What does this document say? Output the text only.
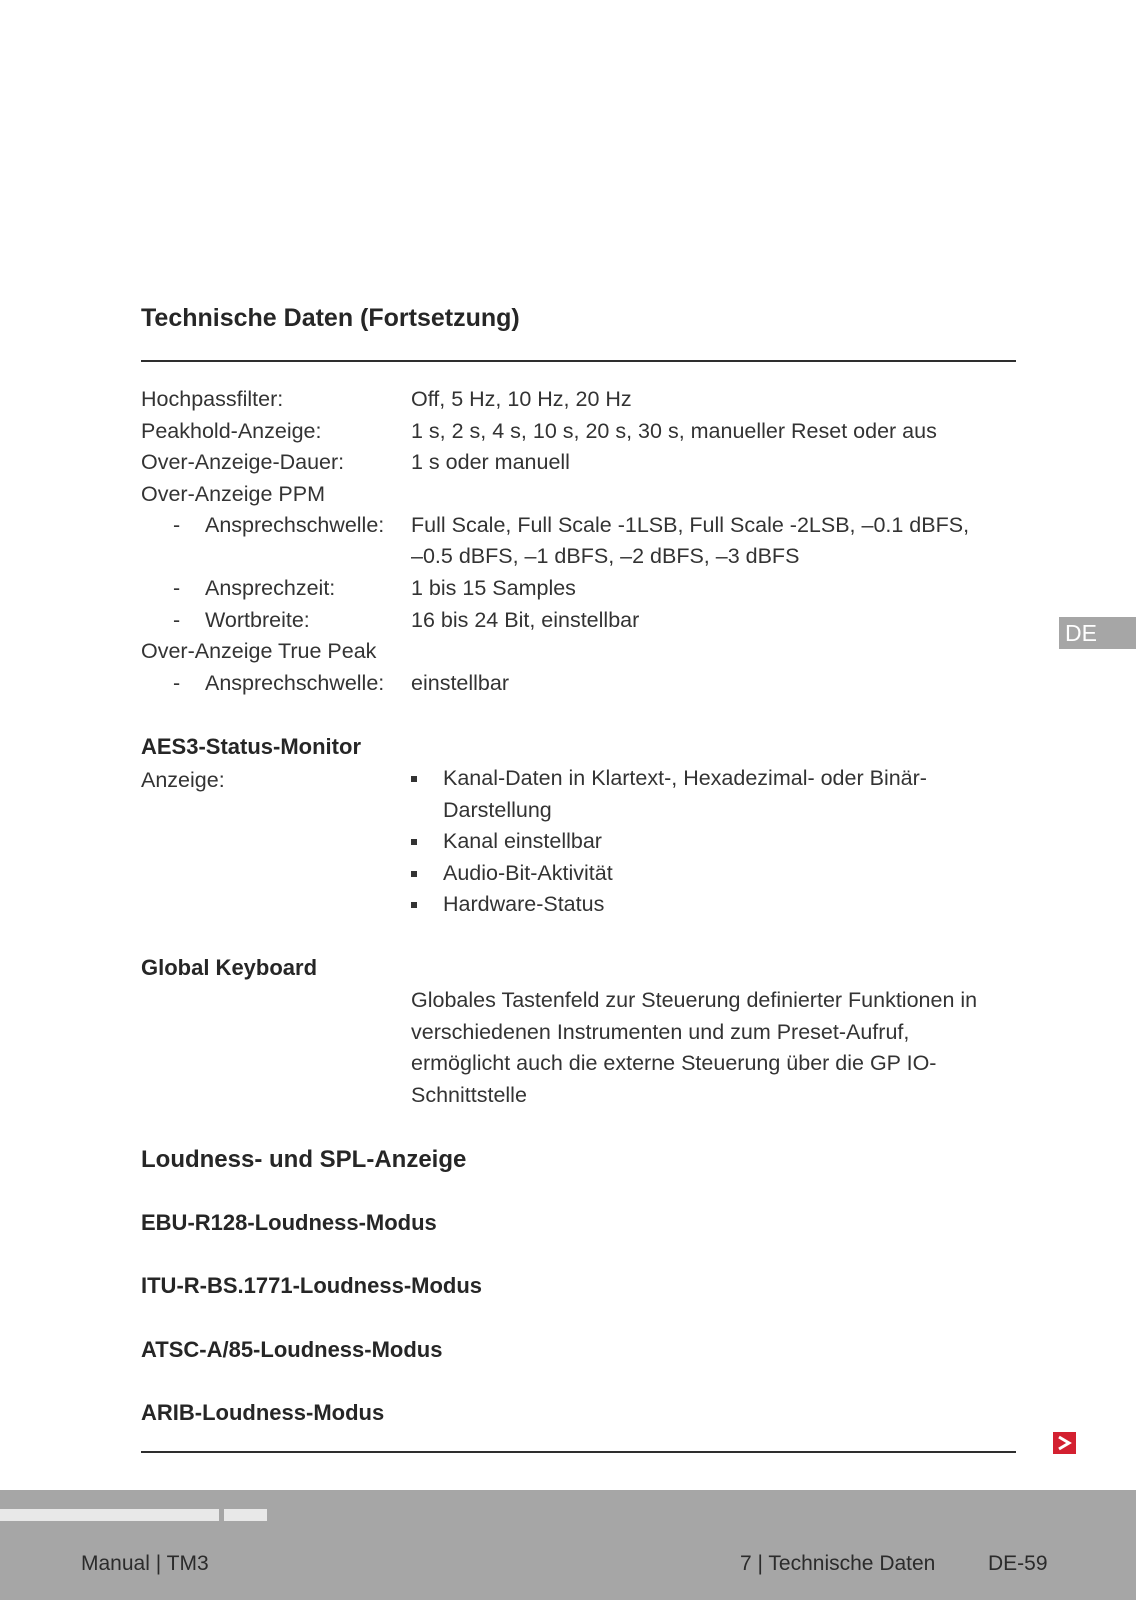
Technische Daten (Fortsetzung)
Hochpassfilter:	Off, 5 Hz, 10 Hz, 20 Hz
Peakhold-Anzeige:	1 s, 2 s, 4 s, 10 s, 20 s, 30 s, manueller Reset oder aus
Over-Anzeige-Dauer:	1 s oder manuell
Over-Anzeige PPM
- Ansprechschwelle: Full Scale, Full Scale -1LSB, Full Scale -2LSB, –0.1 dBFS,
–0.5 dBFS, –1 dBFS, –2 dBFS, –3 dBFS
- Ansprechzeit:	1 bis 15 Samples
- Wortbreite:	16 bis 24 Bit, einstellbar
Over-Anzeige True Peak
- Ansprechschwelle: einstellbar
AES3-Status-Monitor
Anzeige:	Kanal-Daten in Klartext-, Hexadezimal- oder Binär-Darstellung
Kanal einstellbar
Audio-Bit-Aktivität
Hardware-Status
Global Keyboard

Globales Tastenfeld zur Steuerung definierter Funktionen in verschiedenen Instrumenten und zum Preset-Aufruf, ermöglicht auch die externe Steuerung über die GP IO-Schnittstelle

Loudness- und SPL-Anzeige
EBU-R128-Loudness-Modus
ITU-R-BS.1771-Loudness-Modus
ATSC-A/85-Loudness-Modus
ARIB-Loudness-Modus
DE
Manual | TM3	7 | Technische Daten	DE-59
